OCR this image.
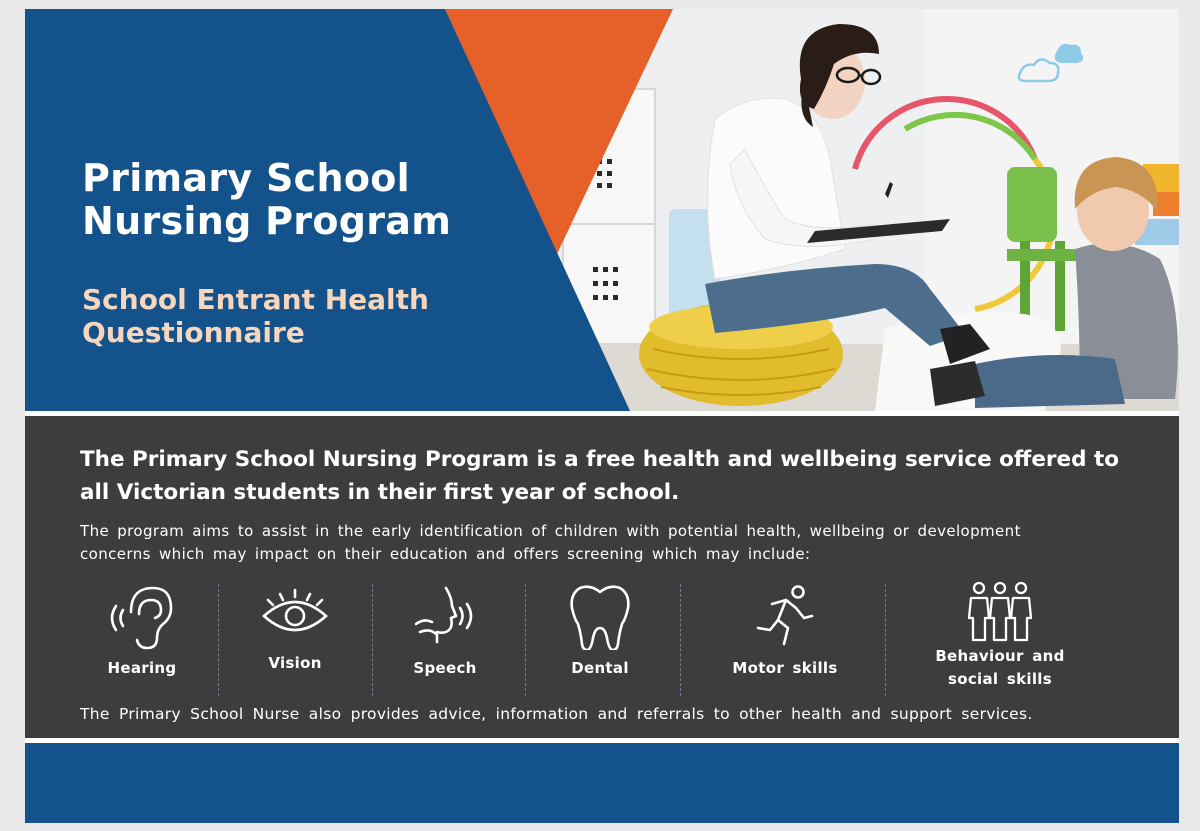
Primary School Nursing Program
School Entrant Health Questionnaire

The Primary School Nursing Program is a free health and wellbeing service offered to all Victorian students in their first year of school.

The program aims to assist in the early identification of children with potential health, wellbeing or development concerns which may impact on their education and offers screening which may include:

Hearing	Vision	Speech	Dental	Motor skills
Behaviour and social skills

The Primary School Nurse also provides advice, information and referrals to other health and support services.
